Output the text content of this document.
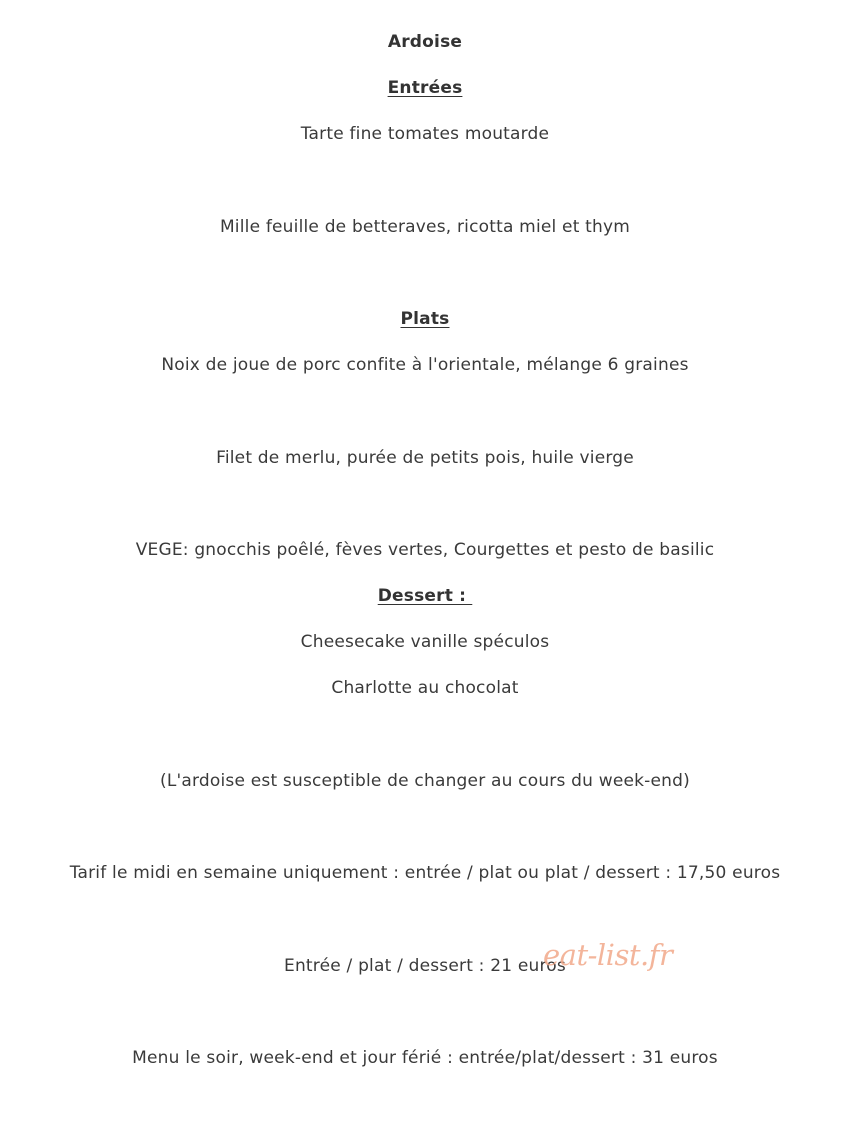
Ardoise
Entrées
Tarte fine tomates moutarde
Mille feuille de betteraves, ricotta miel et thym
Plats
Noix de joue de porc confite à l'orientale, mélange 6 graines
Filet de merlu, purée de petits pois, huile vierge
VEGE: gnocchis poêlé, fèves vertes, Courgettes et pesto de basilic
Dessert :
Cheesecake vanille spéculos
Charlotte au chocolat
(L'ardoise est susceptible de changer au cours du week-end)
Tarif le midi en semaine uniquement : entrée / plat ou plat / dessert : 17,50 euros
Entrée / plat / dessert : 21 euros
Menu le soir, week-end et jour férié : entrée/plat/dessert : 31 euros
eat-list.fr
